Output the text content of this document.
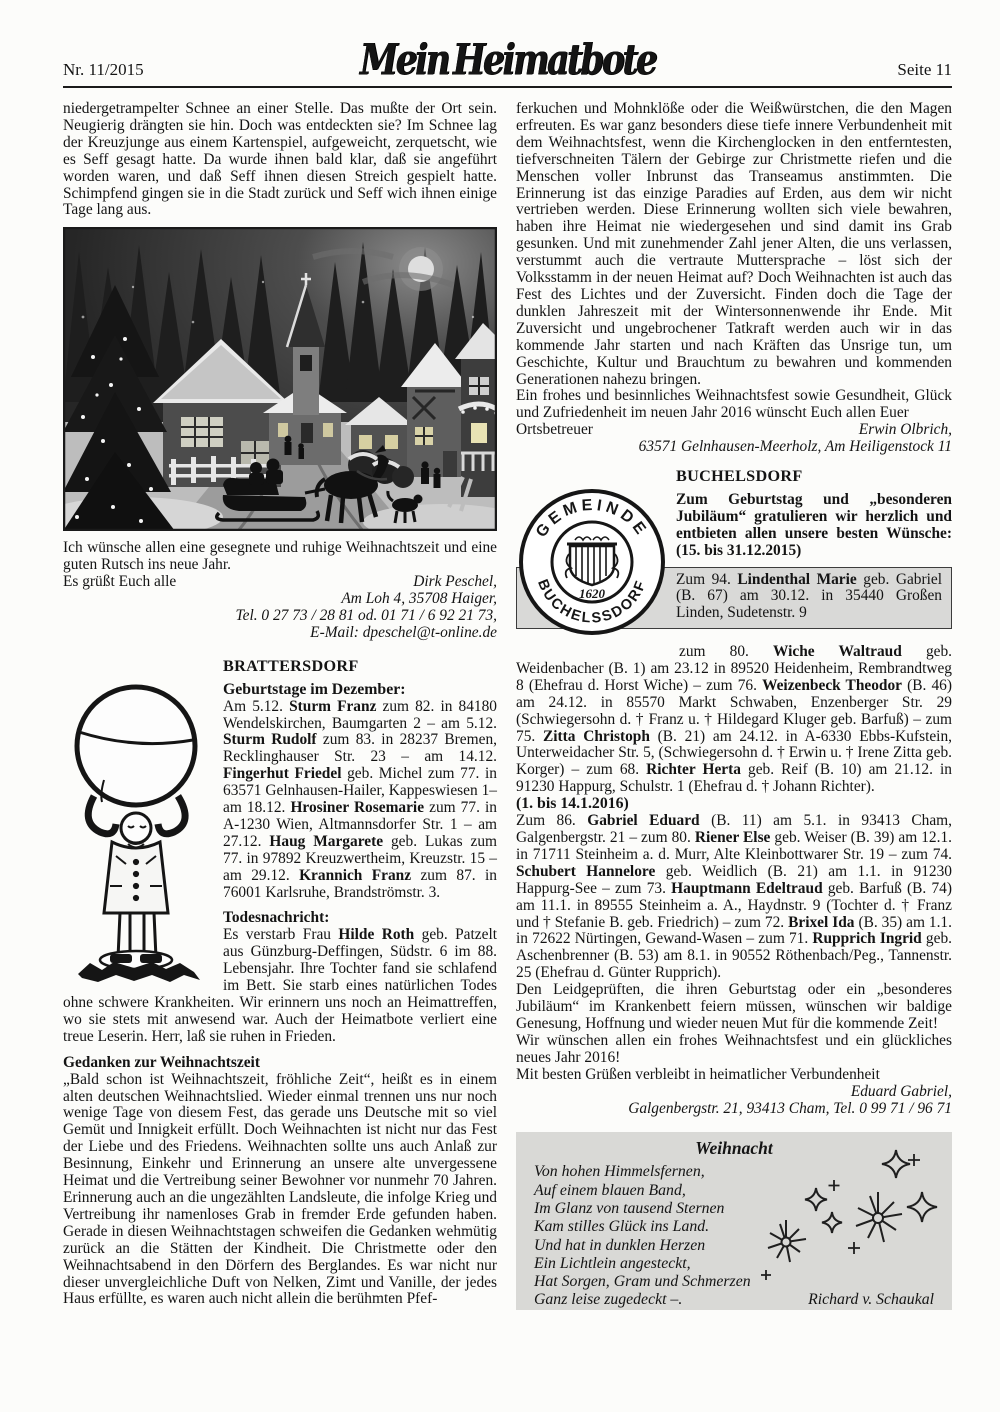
Nr. 11/2015	Mein Heimatbote	Seite 11

niedergetrampelter Schnee an einer Stelle. Das mußte der Ort sein. Neugierig drängten sie hin. Doch was entdeckten sie? Im Schnee lag der Kreuzjunge aus einem Kartenspiel, aufgeweicht, zerquetscht, wie es Seff gesagt hatte. Da wurde ihnen bald klar, daß sie angeführt worden waren, und daß Seff ihnen diesen Streich gespielt hatte. Schimpfend gingen sie in die Stadt zurück und Seff wich ihnen einige Tage lang aus.

Ich wünsche allen eine gesegnete und ruhige Weihnachtszeit und eine guten Rutsch ins neue Jahr.

Es grüßt Euch alle	Dirk Peschel,

Am Loh 4, 35708 Haiger,

Tel. 0 27 73 / 28 81 od. 01 71 / 6 92 21 73,

E-Mail: dpeschel@t-online.de

BRATTERSDORF
Geburtstage im Dezember:

Am 5.12. Sturm Franz zum 82. in 84180 Wendelskirchen, Baumgarten 2 – am 5.12. Sturm Rudolf zum 83. in 28237 Bremen, Recklinghauser Str. 23 – am 14.12. Fingerhut Friedel geb. Michel zum 77. in 63571 Gelnhausen-Hailer, Kappeswiesen 1– am 18.12. Hrosiner Rosemarie zum 77. in A-1230 Wien, Altmannsdorfer Str. 1 – am 27.12. Haug Margarete geb. Lukas zum 77. in 97892 Kreuzwertheim, Kreuzstr. 15 – am 29.12. Krannich Franz zum 87. in 76001 Karlsruhe, Brandströmstr. 3.

Todesnachricht:

Es verstarb Frau Hilde Roth geb. Patzelt aus Günzburg-Deffingen, Südstr. 6 im 88. Lebensjahr. Ihre Tochter fand sie schlafend im Bett. Sie starb eines natürlichen Todes ohne schwere Krankheiten. Wir erinnern uns noch an Heimattreffen, wo sie stets mit anwesend war. Auch der Heimatbote verliert eine treue Leserin. Herr, laß sie ruhen in Frieden.

Gedanken zur Weihnachtszeit

„Bald schon ist Weihnachtszeit, fröhliche Zeit“, heißt es in einem alten deutschen Weihnachtslied. Wieder einmal trennen uns nur noch wenige Tage von diesem Fest, das gerade uns Deutsche mit so viel Gemüt und Innigkeit erfüllt. Doch Weihnachten ist nicht nur das Fest der Liebe und des Friedens. Weihnachten sollte uns auch Anlaß zur Besinnung, Einkehr und Erinnerung an unsere alte unvergessene Heimat und die Vertreibung seiner Bewohner vor nunmehr 70 Jahren. Erinnerung auch an die ungezählten Landsleute, die infolge Krieg und Vertreibung ihr namenloses Grab in fremder Erde gefunden haben. Gerade in diesen Weihnachtstagen schweifen die Gedanken wehmütig zurück an die Stätten der Kindheit. Die Christmette oder den Weihnachtsabend in den Dörfern des Berglandes. Es war nicht nur dieser unvergleichliche Duft von Nelken, Zimt und Vanille, der jedes Haus erfüllte, es waren auch nicht allein die berühmten Pfef-

ferkuchen und Mohnklöße oder die Weißwürstchen, die den Magen erfreuten. Es war ganz besonders diese tiefe innere Verbundenheit mit dem Weihnachtsfest, wenn die Kirchenglocken in den entferntesten, tiefverschneiten Tälern der Gebirge zur Christmette riefen und die Menschen voller Inbrunst das Transeamus anstimmten. Die Erinnerung ist das einzige Paradies auf Erden, aus dem wir nicht vertrieben werden. Diese Erinnerung wollten sich viele bewahren, haben ihre Heimat nie wiedergesehen und sind damit ins Grab gesunken. Und mit zunehmender Zahl jener Alten, die uns verlassen, verstummt auch die vertraute Muttersprache – löst sich der Volksstamm in der neuen Heimat auf? Doch Weihnachten ist auch das Fest des Lichtes und der Zuversicht. Finden doch die Tage der dunklen Jahreszeit mit der Wintersonnenwende ihr Ende. Mit Zuversicht und ungebrochener Tatkraft werden auch wir in das kommende Jahr starten und nach Kräften das Unsrige tun, um Geschichte, Kultur und Brauchtum zu bewahren und kommenden Generationen nahezu bringen.

Ein frohes und besinnliches Weihnachtsfest sowie Gesundheit, Glück und Zufriedenheit im neuen Jahr 2016 wünscht Euch allen Euer

Ortsbetreuer	Erwin Olbrich,

63571 Gelnhausen-Meerholz, Am Heiligenstock 11

GEMEINDE
BUCHELSSDORF
1620
BUCHELSDORF

Zum Geburtstag und „besonderen Jubiläum“ gratulieren wir herzlich und entbieten allen unsere besten Wünsche: (15. bis 31.12.2015)

Zum 94. Lindenthal Marie geb. Gabriel (B. 67) am 30.12. in 35440 Großen Linden, Sudetenstr. 9

zum 80. Wiche Waltraud geb. Weidenbacher (B. 1) am 23.12 in 89520 Heidenheim, Rembrandtweg 8 (Ehefrau d. Horst Wiche) – zum 76. Weizenbeck Theodor (B. 46) am 24.12. in 85570 Markt Schwaben, Enzenberger Str. 29 (Schwiegersohn d. † Franz u. † Hildegard Kluger geb. Barfuß) – zum 75. Zitta Christoph (B. 21) am 24.12. in A-6330 Ebbs-Kufstein, Unterweidacher Str. 5, (Schwiegersohn d. † Erwin u. † Irene Zitta geb. Korger) – zum 68. Richter Herta geb. Reif (B. 10) am 21.12. in 91230 Happurg, Schulstr. 1 (Ehefrau d. † Johann Richter).

(1. bis 14.1.2016)

Zum 86. Gabriel Eduard (B. 11) am 5.1. in 93413 Cham, Galgenbergstr. 21 – zum 80. Riener Else geb. Weiser (B. 39) am 12.1. in 71711 Steinheim a. d. Murr, Alte Kleinbottwarer Str. 19 – zum 74. Schubert Hannelore geb. Weidlich (B. 21) am 1.1. in 91230 Happurg-See – zum 73. Hauptmann Edeltraud geb. Barfuß (B. 74) am 11.1. in 89555 Steinheim a. A., Haydnstr. 9 (Tochter d. † Franz und † Stefanie B. geb. Friedrich) – zum 72. Brixel Ida (B. 35) am 1.1. in 72622 Nürtingen, Gewand-Wasen – zum 71. Rupprich Ingrid geb. Aschenbrenner (B. 53) am 8.1. in 90552 Röthenbach/Peg., Tannenstr. 25 (Ehefrau d. Günter Rupprich).

Den Leidgeprüften, die ihren Geburtstag oder ein „besonderes Jubiläum“ im Krankenbett feiern müssen, wünschen wir baldige Genesung, Hoffnung und wieder neuen Mut für die kommende Zeit!

Wir wünschen allen ein frohes Weihnachtsfest und ein glückliches neues Jahr 2016!

Mit besten Grüßen verbleibt in heimatlicher Verbundenheit

Eduard Gabriel,

Galgenbergstr. 21, 93413 Cham, Tel. 0 99 71 / 96 71

Weihnacht
Von hohen Himmelsfernen,
Auf einem blauen Band,
Im Glanz von tausend Sternen
Kam stilles Glück ins Land.
Und hat in dunklen Herzen
Ein Lichtlein angesteckt,
Hat Sorgen, Gram und Schmerzen
Ganz leise zugedeckt –.	Richard v. Schaukal
